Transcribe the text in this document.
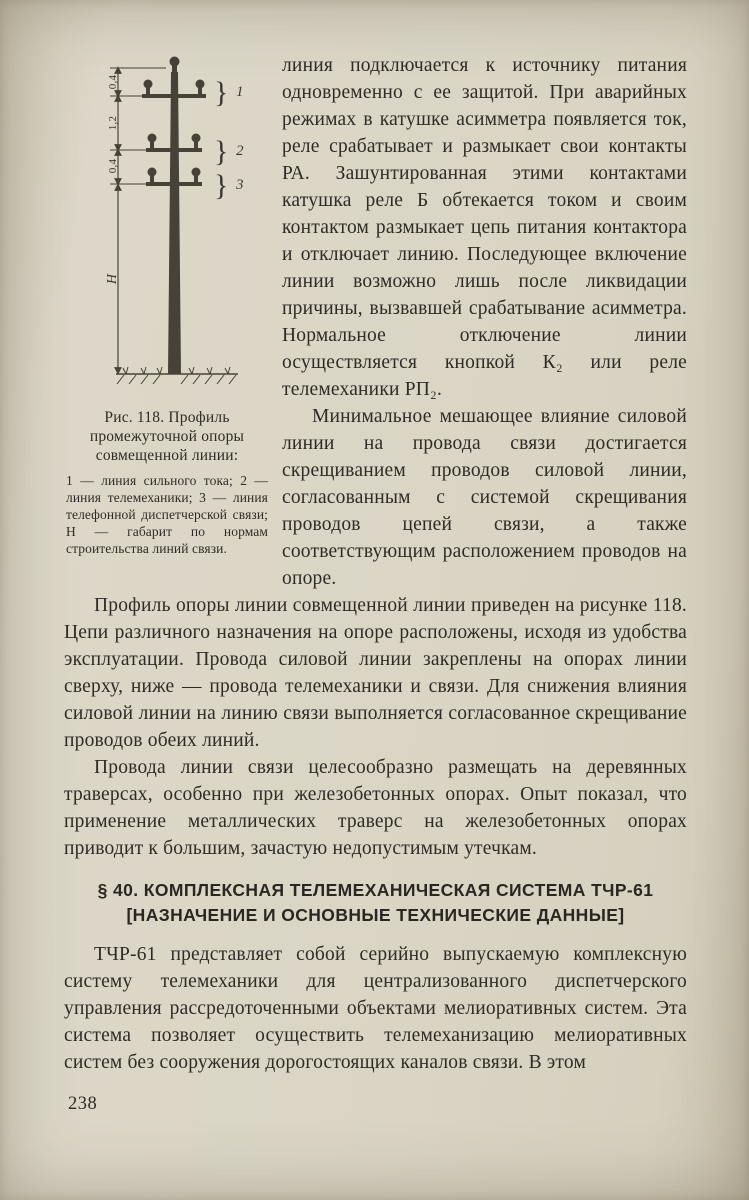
0,4
1,2
0,4
Н
} 1
} 2
} 3
Рис. 118. Профиль промежуточной опоры совмещенной линии:
1 — линия сильного тока; 2 — линия телемеханики; 3 — линия телефонной диспетчерской связи; Н — габарит по нормам строительства линий связи.

линия подключается к источнику питания одновременно с ее защитой. При аварийных режимах в катушке асимметра появляется ток, реле срабатывает и размыкает свои контакты РА. Зашунтированная этими контактами катушка реле Б обтекается током и своим контактом размыкает цепь питания контактора и отключает линию. Последующее включение линии возможно лишь после ликвидации причины, вызвавшей срабатывание асимметра. Нормальное отключение линии осуществляется кнопкой К₂ или реле телемеханики РП₂.

Минимальное мешающее влияние силовой линии на провода связи достигается скрещиванием проводов силовой линии, согласованным с системой скрещивания проводов цепей связи, а также соответствующим расположением проводов на опоре.

Профиль опоры линии совмещенной линии приведен на рисунке 118. Цепи различного назначения на опоре расположены, исходя из удобства эксплуатации. Провода силовой линии закреплены на опорах линии сверху, ниже — провода телемеханики и связи. Для снижения влияния силовой линии на линию связи выполняется согласованное скрещивание проводов обеих линий.

Провода линии связи целесообразно размещать на деревянных траверсах, особенно при железобетонных опорах. Опыт показал, что применение металлических траверс на железобетонных опорах приводит к большим, зачастую недопустимым утечкам.

§ 40. КОМПЛЕКСНАЯ ТЕЛЕМЕХАНИЧЕСКАЯ СИСТЕМА ТЧР-61
[НАЗНАЧЕНИЕ И ОСНОВНЫЕ ТЕХНИЧЕСКИЕ ДАННЫЕ]

ТЧР-61 представляет собой серийно выпускаемую комплексную систему телемеханики для централизованного диспетчерского управления рассредоточенными объектами мелиоративных систем. Эта система позволяет осуществить телемеханизацию мелиоративных систем без сооружения дорогостоящих каналов связи. В этом

238
